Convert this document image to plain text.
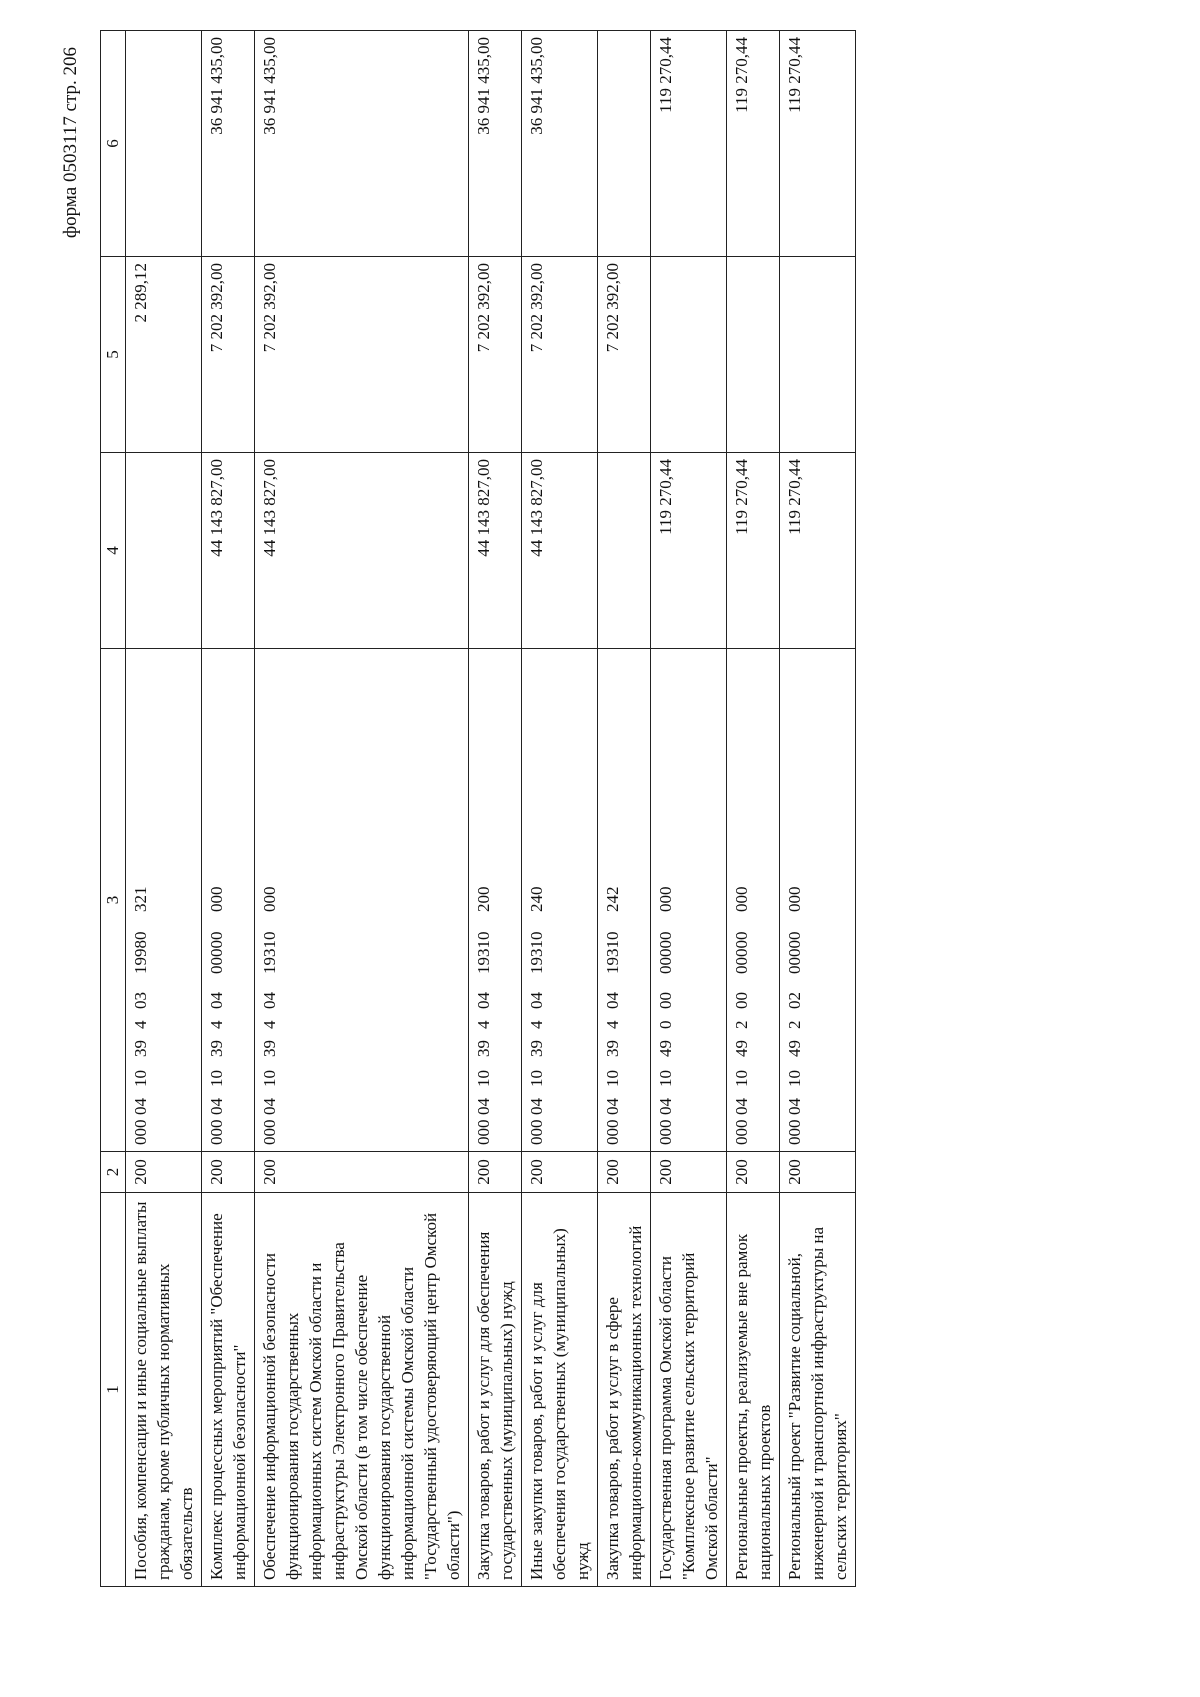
форма 0503117 стр. 206
1	2	3	4	5	6
Пособия, компенсации и иные социальные выплаты гражданам, кроме публичных нормативных обязательств	200	00004103940319980321		2 289,12	
Комплекс процессных мероприятий "Обеспечение информационной безопасности"	200	00004103940400000000	44 143 827,00	7 202 392,00	36 941 435,00
Обеспечение информационной безопасности функционирования государственных информационных систем Омской области и инфраструктуры Электронного Правительства Омской области (в том числе обеспечение функционирования государственной информационной системы Омской области "Государственный удостоверяющий центр Омской области")	200	00004103940419310000	44 143 827,00	7 202 392,00	36 941 435,00
Закупка товаров, работ и услуг для обеспечения государственных (муниципальных) нужд	200	00004103940419310200	44 143 827,00	7 202 392,00	36 941 435,00
Иные закупки товаров, работ и услуг для обеспечения государственных (муниципальных) нужд	200	00004103940419310240	44 143 827,00	7 202 392,00	36 941 435,00
Закупка товаров, работ и услуг в сфере информационно-коммуникационных технологий	200	00004103940419310242		7 202 392,00	
Государственная программа Омской области "Комплексное развитие сельских территорий Омской области"	200	00004104900000000000	119 270,44		119 270,44
Региональные проекты, реализуемые вне рамок национальных проектов	200	00004104920000000000	119 270,44		119 270,44
Региональный проект "Развитие социальной, инженерной и транспортной инфраструктуры на сельских территориях"	200	00004104920200000000	119 270,44		119 270,44
